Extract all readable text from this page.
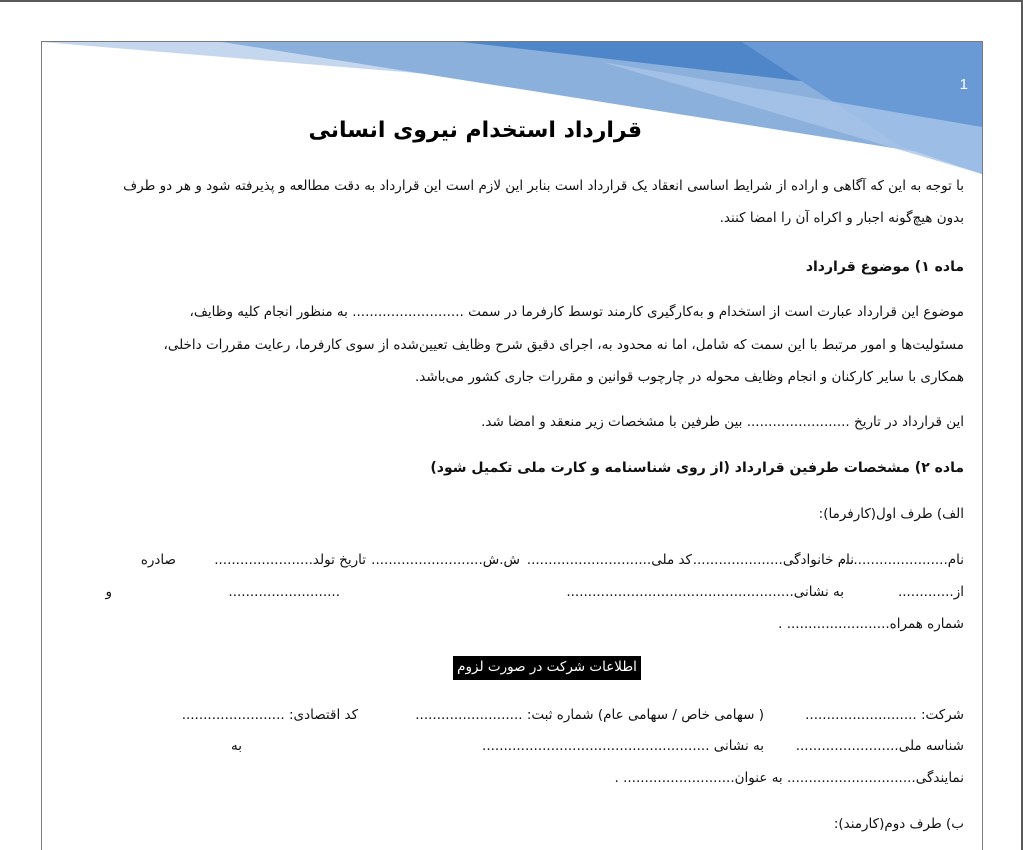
1
قرارداد استخدام نیروی انسانی

با توجه به این که آگاهی و اراده از شرایط اساسی انعقاد یک قرارداد است بنابر این لازم است این قرارداد به دقت مطالعه و پذیرفته شود و هر دو طرف

بدون هیچ‌گونه اجبار و اکراه آن را امضا کنند.

ماده ۱) موضوع قرارداد

موضوع این قرارداد عبارت است از استخدام و به‌کارگیری کارمند توسط کارفرما در سمت .......................... به منظور انجام کلیه وظایف،

مسئولیت‌ها و امور مرتبط با این سمت که شامل، اما نه محدود به، اجرای دقیق شرح وظایف تعیین‌شده از سوی کارفرما، رعایت مقررات داخلی،

همکاری با سایر کارکنان و انجام وظایف محوله در چارچوب قوانین و مقررات جاری کشور می‌باشد.

این قرارداد در تاریخ ........................ بین طرفین با مشخصات زیر منعقد و امضا شد.

ماده ۲) مشخصات طرفین قرارداد (از روی شناسنامه و کارت ملی تکمیل شود)

الف) طرف اول(کارفرما):

نام.........................
نام خانوادگی.....................
کد ملی.............................
ش.ش..........................
تاریخ تولد.......................
صادره
از.............
به نشانی.....................................................
..........................
و

شماره همراه........................ .

اطلاعات شرکت در صورت لزوم
شرکت: ..........................
( سهامی خاص / سهامی عام) شماره ثبت: .........................
کد اقتصادی: ........................
شناسه ملی........................
به نشانی .....................................................
به

نمایندگی.............................. به عنوان.......................... .

ب) طرف دوم(کارمند):
